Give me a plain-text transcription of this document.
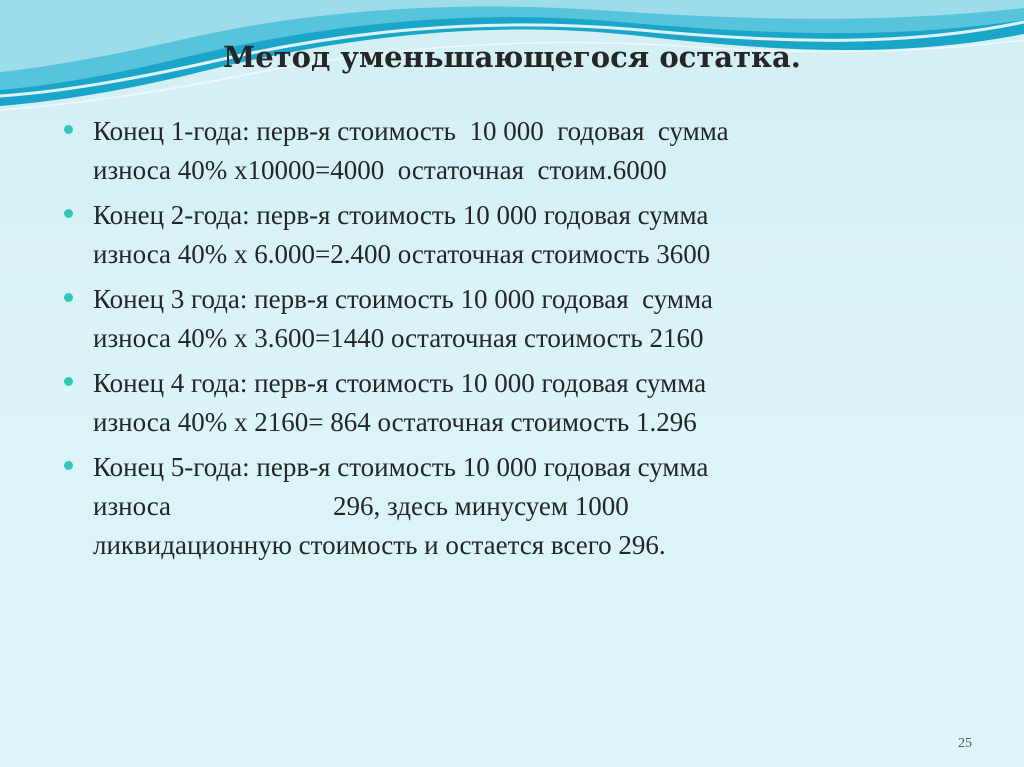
Метод уменьшающегося остатка.
Конец 1-года: перв-я стоимость  10 000  годовая  сумма
износа 40% х10000=4000  остаточная  стоим.6000
Конец 2-года: перв-я стоимость 10 000 годовая сумма
износа 40% х 6.000=2.400 остаточная стоимость 3600
Конец 3 года: перв-я стоимость 10 000 годовая  сумма
износа 40% х 3.600=1440 остаточная стоимость 2160
Конец 4 года: перв-я стоимость 10 000 годовая сумма
износа 40% х 2160= 864 остаточная стоимость 1.296
Конец 5-года: перв-я стоимость 10 000 годовая сумма
износа                        296, здесь минусуем 1000
ликвидационную стоимость и остается всего 296.
25
